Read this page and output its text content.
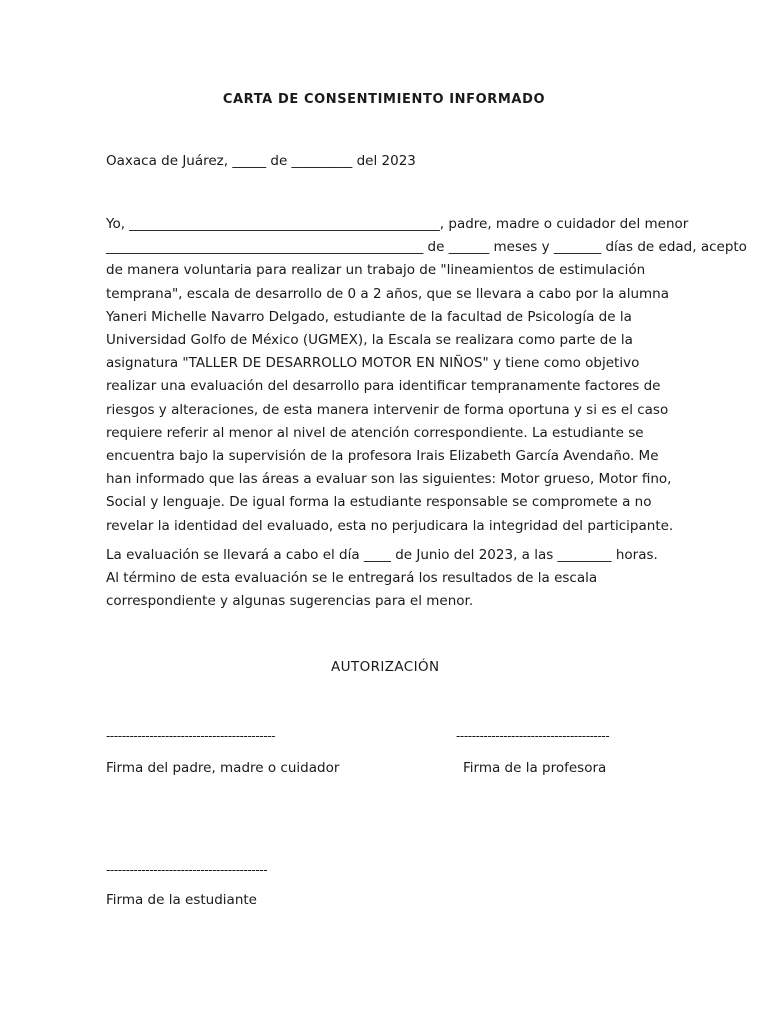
CARTA DE CONSENTIMIENTO INFORMADO
Oaxaca de Juárez, _____ de _________ del 2023
Yo, ______________________________________________, padre, madre o cuidador del menor
_______________________________________________ de ______ meses y _______ días de edad, acepto
de manera voluntaria para realizar un trabajo de "lineamientos de estimulación
temprana", escala de desarrollo de 0 a 2 años, que se llevara a cabo por la alumna
Yaneri Michelle Navarro Delgado, estudiante de la facultad de Psicología de la
Universidad Golfo de México (UGMEX), la Escala se realizara como parte de la
asignatura "TALLER DE DESARROLLO MOTOR EN NIÑOS" y tiene como objetivo
realizar una evaluación del desarrollo para identificar tempranamente factores de
riesgos y alteraciones, de esta manera intervenir de forma oportuna y si es el caso
requiere referir al menor al nivel de atención correspondiente. La estudiante se
encuentra bajo la supervisión de la profesora Irais Elizabeth García Avendaño. Me
han informado que las áreas a evaluar son las siguientes: Motor grueso, Motor fino,
Social y lenguaje. De igual forma la estudiante responsable se compromete a no
revelar la identidad del evaluado, esta no perjudicara la integridad del participante.
La evaluación se llevará a cabo el día ____ de Junio del 2023, a las ________ horas.
Al término de esta evaluación se le entregará los resultados de la escala
correspondiente y algunas sugerencias para el menor.
AUTORIZACIÓN
-------------------------------------------	---------------------------------------
Firma del padre, madre o cuidador	Firma de la profesora
-----------------------------------------
Firma de la estudiante
